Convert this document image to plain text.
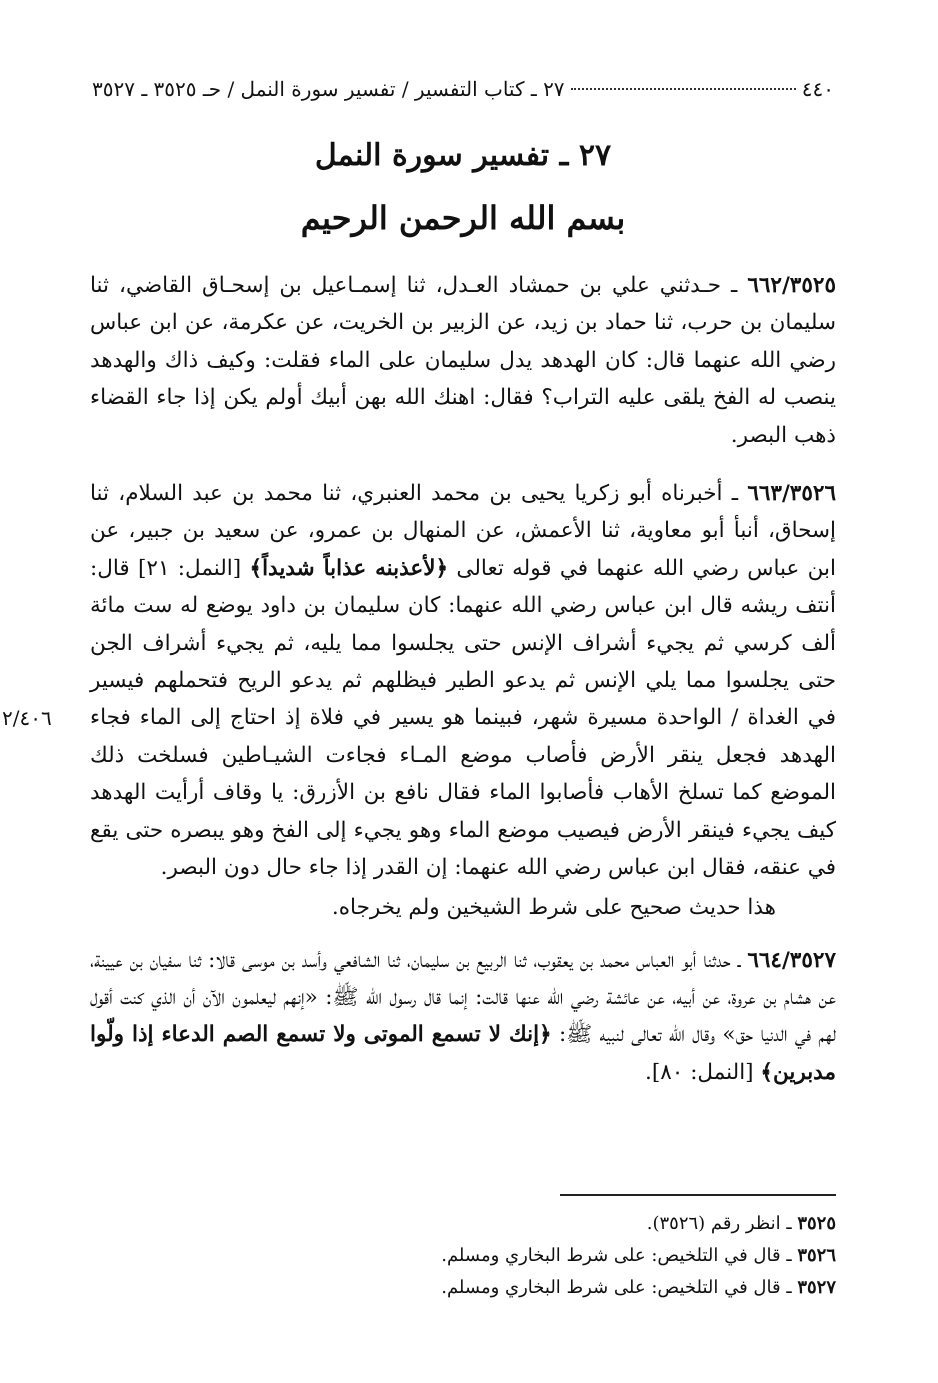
٤٤٠
٢٧ ـ كتاب التفسير / تفسير سورة النمل / حـ ٣٥٢٥ ـ ٣٥٢٧
٢٧ ـ تفسير سورة النمل
بسم الله الرحمن الرحيم

٦٦٢/٣٥٢٥ ـ حـدثني علي بن حمشاد العـدل، ثنا إسمـاعيل بن إسحـاق القاضي، ثنا سليمان بن حرب، ثنا حماد بن زيد، عن الزبير بن الخريت، عن عكرمة، عن ابن عباس رضي الله عنهما قال: كان الهدهد يدل سليمان على الماء فقلت: وكيف ذاك والهدهد ينصب له الفخ يلقى عليه التراب؟ فقال: اهنك الله بهن أبيك أولم يكن إذا جاء القضاء ذهب البصر.

٦٦٣/٣٥٢٦ ـ أخبرناه أبو زكريا يحيى بن محمد العنبري، ثنا محمد بن عبد السلام، ثنا إسحاق، أنبأ أبو معاوية، ثنا الأعمش، عن المنهال بن عمرو، عن سعيد بن جبير، عن ابن عباس رضي الله عنهما في قوله تعالى ﴿لأعذبنه عذاباً شديداً﴾ [النمل: ٢١] قال: أنتف ريشه قال ابن عباس رضي الله عنهما: كان سليمان بن داود يوضع له ست مائة ألف كرسي ثم يجيء أشراف الإنس حتى يجلسوا مما يليه، ثم يجيء أشراف الجن حتى يجلسوا مما يلي الإنس ثم يدعو الطير فيظلهم ثم يدعو الريح فتحملهم فيسير في الغداة / الواحدة مسيرة شهر، فبينما هو يسير في فلاة إذ احتاج إلى الماء فجاء الهدهد فجعل ينقر الأرض فأصاب موضع المـاء فجاءت الشيـاطين فسلخت ذلك الموضع كما تسلخ الأهاب فأصابوا الماء فقال نافع بن الأزرق: يا وقاف أرأيت الهدهد كيف يجيء فينقر الأرض فيصيب موضع الماء وهو يجيء إلى الفخ وهو يبصره حتى يقع في عنقه، فقال ابن عباس رضي الله عنهما: إن القدر إذا جاء حال دون البصر.
٢/٤٠٦

هذا حديث صحيح على شرط الشيخين ولم يخرجاه.

٦٦٤/٣٥٢٧ ـ حدثنا أبو العباس محمد بن يعقوب، ثنا الربيع بن سليمان، ثنا الشافعي وأسد بن موسى قالا: ثنا سفيان بن عيينة، عن هشام بن عروة، عن أبيه، عن عائشة رضي الله عنها قالت: إنما قال رسول الله ﷺ: «إنهم ليعلمون الآن أن الذي كنت أقول لهم في الدنيا حق» وقال الله تعالى لنبيه ﷺ: ﴿إنك لا تسمع الموتى ولا تسمع الصم الدعاء إذا ولّوا مدبرين﴾ [النمل: ٨٠].

٣٥٢٥ ـ انظر رقم (٣٥٢٦).
٣٥٢٦ ـ قال في التلخيص: على شرط البخاري ومسلم.
٣٥٢٧ ـ قال في التلخيص: على شرط البخاري ومسلم.
